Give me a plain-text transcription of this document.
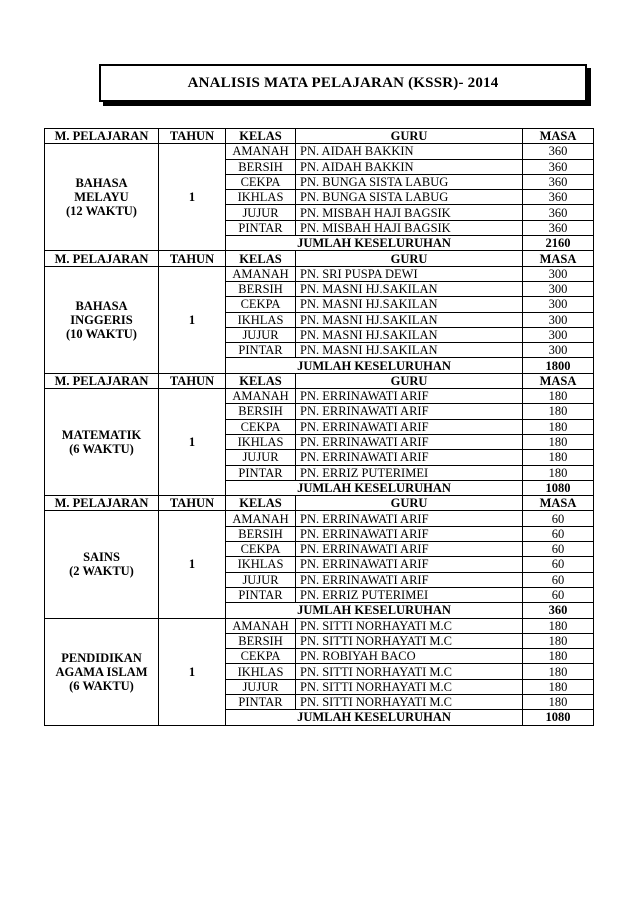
ANALISIS MATA PELAJARAN (KSSR)- 2014
M. PELAJARAN	TAHUN	KELAS	GURU	MASA

BAHASA
MELAYU
(12 WAKTU)	1	AMANAH	PN. AIDAH BAKKIN	360
		BERSIH	PN. AIDAH BAKKIN	360
		CEKPA	PN. BUNGA SISTA LABUG	360
		IKHLAS	PN. BUNGA SISTA LABUG	360
		JUJUR	PN. MISBAH HAJI BAGSIK	360
		PINTAR	PN. MISBAH HAJI BAGSIK	360
		JUMLAH KESELURUHAN		2160
M. PELAJARAN	TAHUN	KELAS	GURU	MASA

BAHASA
INGGERIS
(10 WAKTU)	1	AMANAH	PN. SRI PUSPA DEWI	300
		BERSIH	PN. MASNI HJ.SAKILAN	300
		CEKPA	PN. MASNI HJ.SAKILAN	300
		IKHLAS	PN. MASNI HJ.SAKILAN	300
		JUJUR	PN. MASNI HJ.SAKILAN	300
		PINTAR	PN. MASNI HJ.SAKILAN	300
		JUMLAH KESELURUHAN		1800
M. PELAJARAN	TAHUN	KELAS	GURU	MASA

MATEMATIK
(6 WAKTU)	1	AMANAH	PN. ERRINAWATI ARIF	180
		BERSIH	PN. ERRINAWATI ARIF	180
		CEKPA	PN. ERRINAWATI ARIF	180
		IKHLAS	PN. ERRINAWATI ARIF	180
		JUJUR	PN. ERRINAWATI ARIF	180
		PINTAR	PN. ERRIZ PUTERIMEI	180
		JUMLAH KESELURUHAN		1080
M. PELAJARAN	TAHUN	KELAS	GURU	MASA

SAINS
(2 WAKTU)	1	AMANAH	PN. ERRINAWATI ARIF	60
		BERSIH	PN. ERRINAWATI ARIF	60
		CEKPA	PN. ERRINAWATI ARIF	60
		IKHLAS	PN. ERRINAWATI ARIF	60
		JUJUR	PN. ERRINAWATI ARIF	60
		PINTAR	PN. ERRIZ PUTERIMEI	60
		JUMLAH KESELURUHAN		360

PENDIDIKAN
AGAMA ISLAM
(6 WAKTU)	1	AMANAH	PN. SITTI NORHAYATI M.C	180
		BERSIH	PN. SITTI NORHAYATI M.C	180
		CEKPA	PN. ROBIYAH BACO	180
		IKHLAS	PN. SITTI NORHAYATI M.C	180
		JUJUR	PN. SITTI NORHAYATI M.C	180
		PINTAR	PN. SITTI NORHAYATI M.C	180
		JUMLAH KESELURUHAN		1080
